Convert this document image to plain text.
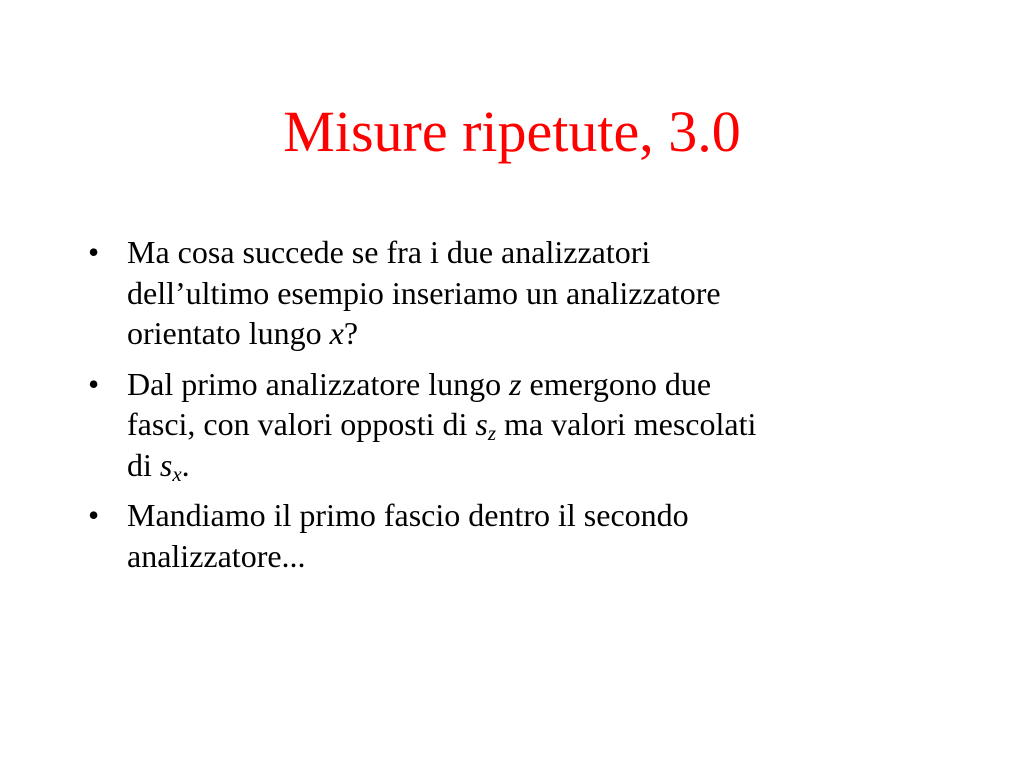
Misure ripetute, 3.0
• Ma cosa succede se fra i due analizzatori
dell’ultimo esempio inseriamo un analizzatore
orientato lungo x?
• Dal primo analizzatore lungo z emergono due
fasci, con valori opposti di $s_z$ ma valori mescolati
di $s_x$.
• Mandiamo il primo fascio dentro il secondo
analizzatore...
